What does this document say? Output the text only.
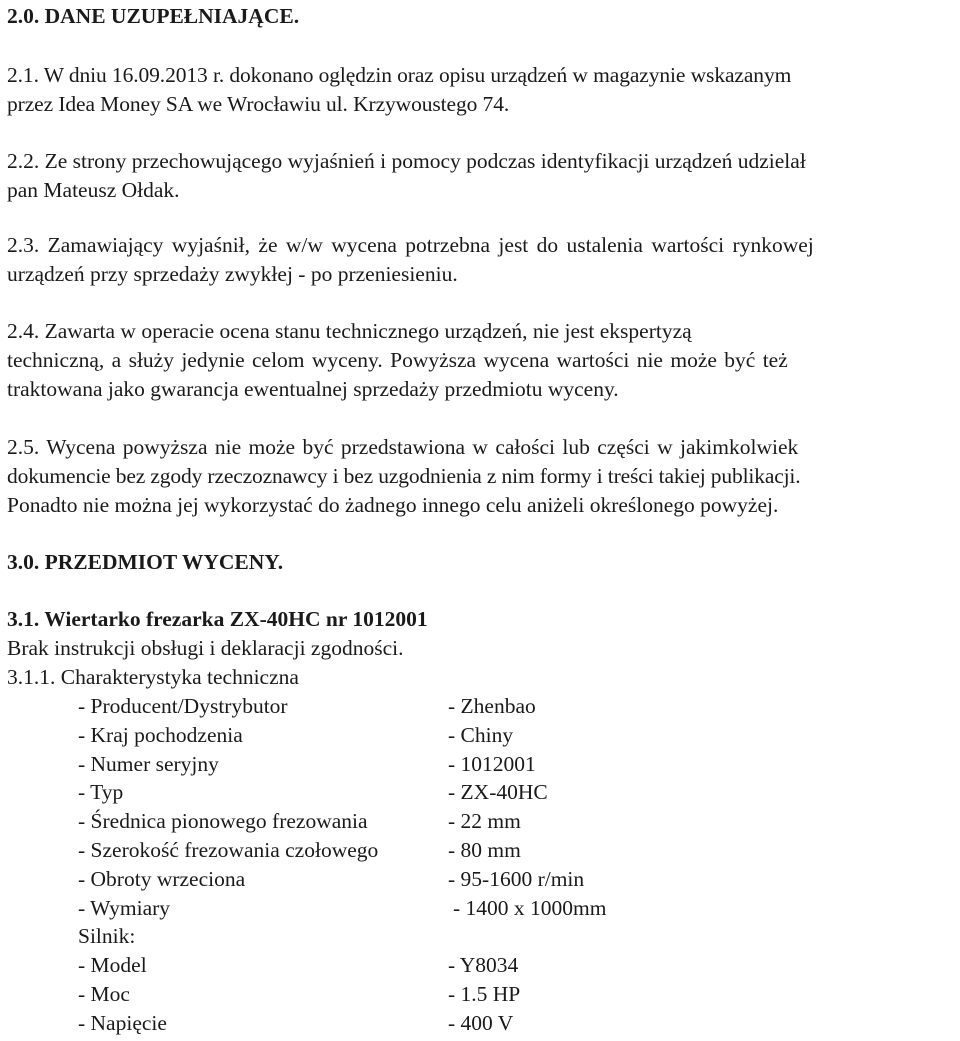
2.0. DANE UZUPEŁNIAJĄCE.
2.1. W dniu 16.09.2013 r. dokonano oględzin oraz opisu urządzeń w magazynie wskazanym
przez Idea Money SA we Wrocławiu ul. Krzywoustego 74.
2.2. Ze strony przechowującego wyjaśnień i pomocy podczas identyfikacji urządzeń udzielał
pan Mateusz Ołdak.
2.3. Zamawiający wyjaśnił, że w/w wycena potrzebna jest do ustalenia wartości rynkowej
urządzeń przy sprzedaży zwykłej - po przeniesieniu.
2.4. Zawarta w operacie ocena stanu technicznego urządzeń, nie jest ekspertyzą
techniczną, a służy jedynie celom wyceny. Powyższa wycena wartości nie może być też
traktowana jako gwarancja ewentualnej sprzedaży przedmiotu wyceny.
2.5. Wycena powyższa nie może być przedstawiona w całości lub części w jakimkolwiek
dokumencie bez zgody rzeczoznawcy i bez uzgodnienia z nim formy i treści takiej publikacji.
Ponadto nie można jej wykorzystać do żadnego innego celu aniżeli określonego powyżej.
3.0. PRZEDMIOT WYCENY.
3.1. Wiertarko frezarka ZX-40HC nr 1012001
Brak instrukcji obsługi i deklaracji zgodności.
3.1.1. Charakterystyka techniczna
- Producent/Dystrybutor	- Zhenbao
- Kraj pochodzenia	- Chiny
- Numer seryjny	- 1012001
- Typ	- ZX-40HC
- Średnica pionowego frezowania	- 22 mm
- Szerokość frezowania czołowego	- 80 mm
- Obroty wrzeciona	- 95-1600 r/min
- Wymiary	- 1400 x 1000mm
Silnik:
- Model	- Y8034
- Moc	- 1.5 HP
- Napięcie	- 400 V
